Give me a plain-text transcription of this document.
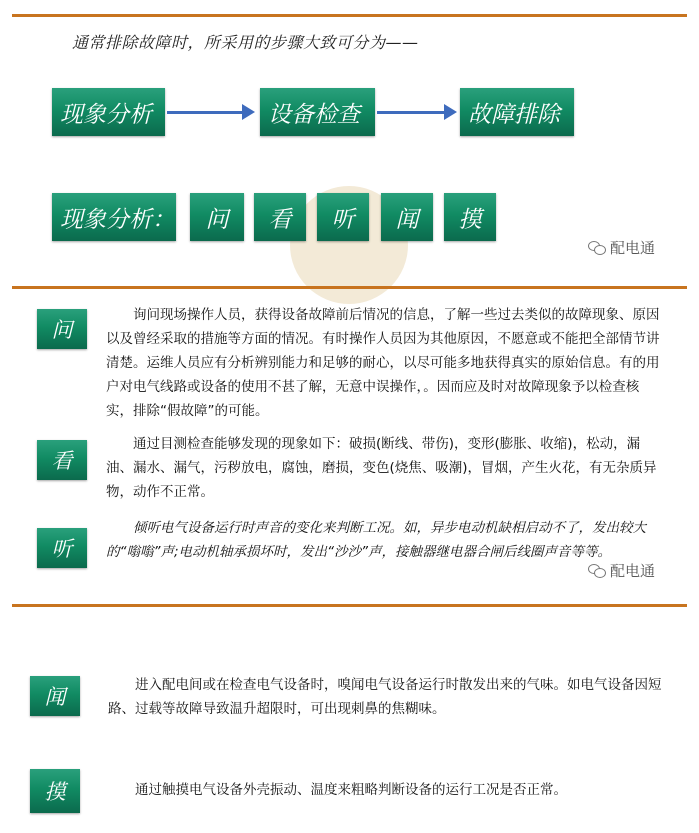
通常排除故障时，所采用的步骤大致可分为——
现象分析	设备检查	故障排除
现象分析：	问	看	听	闻	摸
配电通
问
询问现场操作人员，获得设备故障前后情况的信息，了解一些过去类似的故障现象、原因以及曾经采取的措施等方面的情况。有时操作人员因为其他原因，不愿意或不能把全部情节讲清楚。运维人员应有分析辨别能力和足够的耐心，以尽可能多地获得真实的原始信息。有的用户对电气线路或设备的使用不甚了解，无意中误操作，。因而应及时对故障现象予以检查核实，排除“假故障”的可能。
看
通过目测检查能够发现的现象如下：破损(断线、带伤)，变形(膨胀、收缩)，松动，漏油、漏水、漏气，污秽放电，腐蚀，磨损，变色(烧焦、吸潮)，冒烟，产生火花，有无杂质异物，动作不正常。
听
倾听电气设备运行时声音的变化来判断工况。如，异步电动机缺相启动不了，发出较大的“嗡嗡”声;电动机轴承损坏时，发出“沙沙”声，接触器继电器合闸后线圈声音等等。
配电通
闻	进入配电间或在检查电气设备时，嗅闻电气设备运行时散发出来的气味。如电气设备因短路、过载等故障导致温升超限时，可出现刺鼻的焦糊味。
摸	通过触摸电气设备外壳振动、温度来粗略判断设备的运行工况是否正常。
